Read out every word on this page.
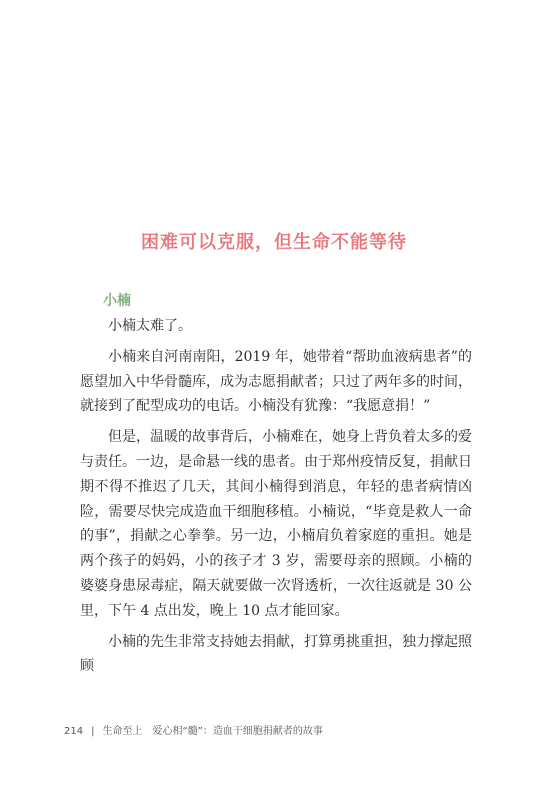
困难可以克服，但生命不能等待
小楠

小楠太难了。

小楠来自河南南阳，2019 年，她带着“帮助血液病患者”的愿望加入中华骨髓库，成为志愿捐献者；只过了两年多的时间，就接到了配型成功的电话。小楠没有犹豫：“我愿意捐！”

但是，温暖的故事背后，小楠难在，她身上背负着太多的爱与责任。一边，是命悬一线的患者。由于郑州疫情反复，捐献日期不得不推迟了几天，其间小楠得到消息，年轻的患者病情凶险，需要尽快完成造血干细胞移植。小楠说，“毕竟是救人一命的事”，捐献之心拳拳。另一边，小楠肩负着家庭的重担。她是两个孩子的妈妈，小的孩子才 3 岁，需要母亲的照顾。小楠的婆婆身患尿毒症，隔天就要做一次肾透析，一次往返就是 30 公里，下午 4 点出发，晚上 10 点才能回家。

小楠的先生非常支持她去捐献，打算勇挑重担，独力撑起照顾

214 | 生命至上 爱心相“髓”：造血干细胞捐献者的故事
